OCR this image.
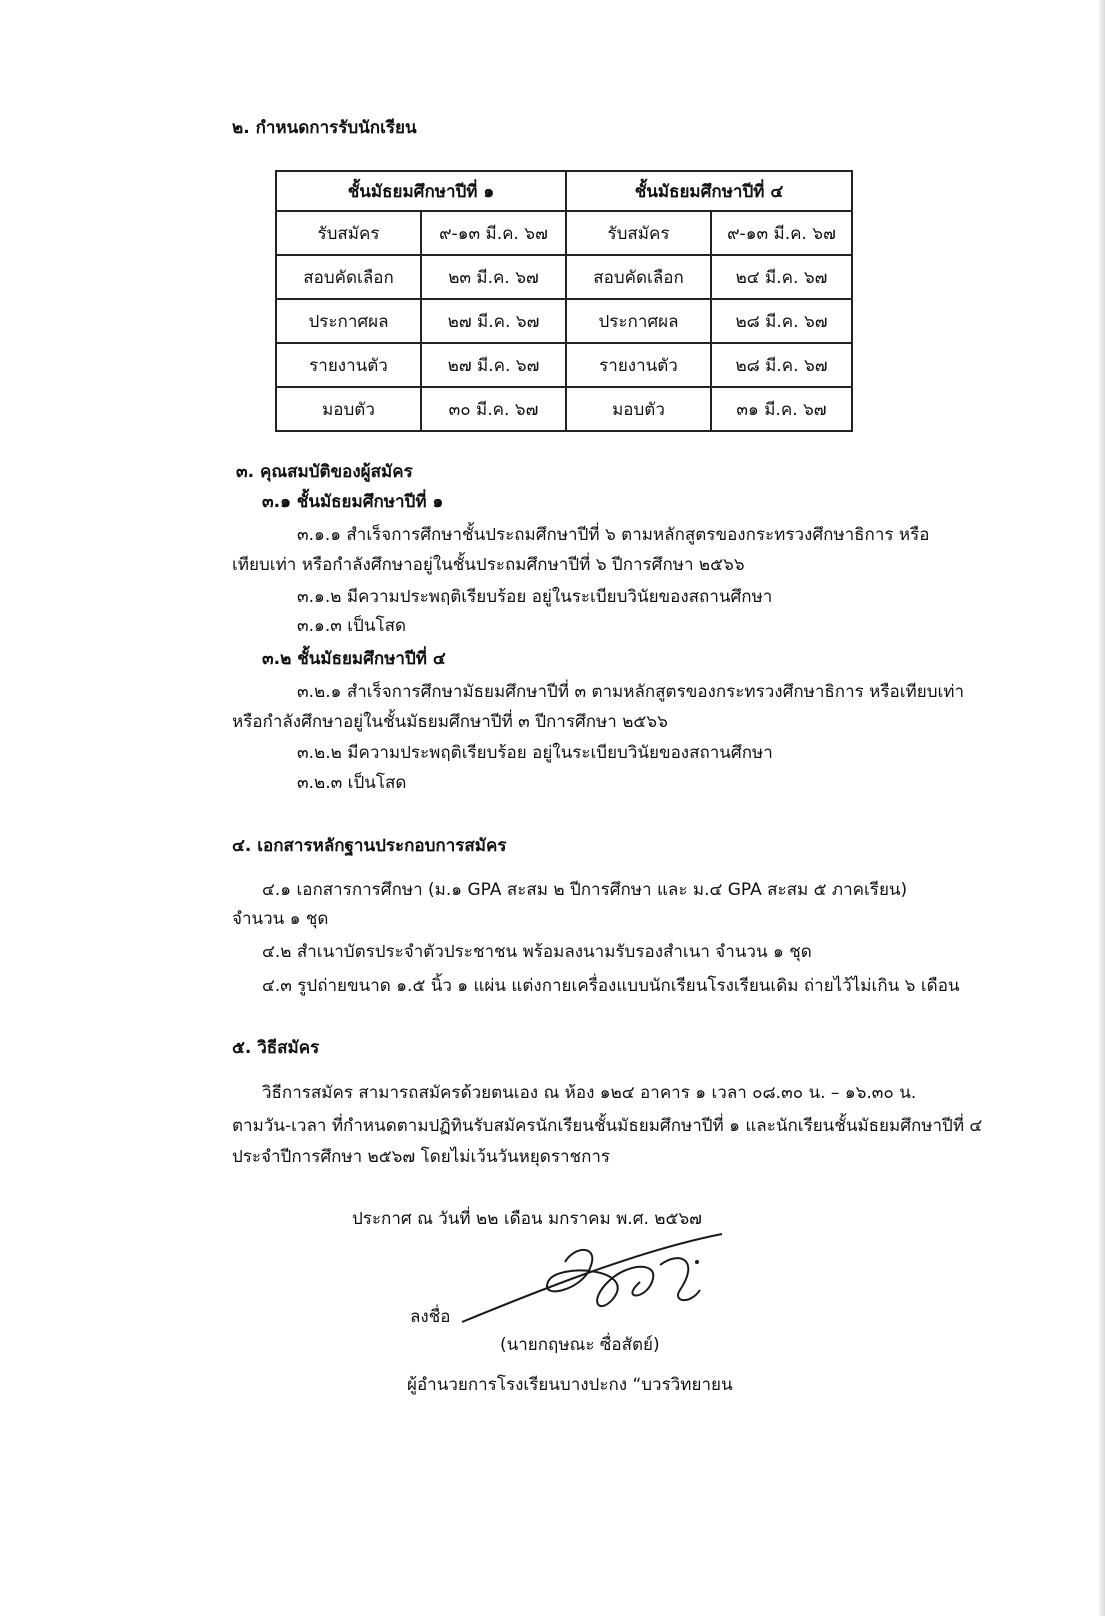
๒. กำหนดการรับนักเรียน
ชั้นมัธยมศึกษาปีที่ ๑		ชั้นมัธยมศึกษาปีที่ ๔	
รับสมัคร	๙-๑๓ มี.ค. ๖๗	รับสมัคร	๙-๑๓ มี.ค. ๖๗
สอบคัดเลือก	๒๓ มี.ค. ๖๗	สอบคัดเลือก	๒๔ มี.ค. ๖๗
ประกาศผล	๒๗ มี.ค. ๖๗	ประกาศผล	๒๘ มี.ค. ๖๗
รายงานตัว	๒๗ มี.ค. ๖๗	รายงานตัว	๒๘ มี.ค. ๖๗
มอบตัว	๓๐ มี.ค. ๖๗	มอบตัว	๓๑ มี.ค. ๖๗
๓. คุณสมบัติของผู้สมัคร
๓.๑ ชั้นมัธยมศึกษาปีที่ ๑
๓.๑.๑ สำเร็จการศึกษาชั้นประถมศึกษาปีที่ ๖ ตามหลักสูตรของกระทรวงศึกษาธิการ หรือ
เทียบเท่า หรือกำลังศึกษาอยู่ในชั้นประถมศึกษาปีที่ ๖ ปีการศึกษา ๒๕๖๖
๓.๑.๒ มีความประพฤติเรียบร้อย อยู่ในระเบียบวินัยของสถานศึกษา
๓.๑.๓ เป็นโสด
๓.๒ ชั้นมัธยมศึกษาปีที่ ๔
๓.๒.๑ สำเร็จการศึกษามัธยมศึกษาปีที่ ๓ ตามหลักสูตรของกระทรวงศึกษาธิการ หรือเทียบเท่า
หรือกำลังศึกษาอยู่ในชั้นมัธยมศึกษาปีที่ ๓ ปีการศึกษา ๒๕๖๖
๓.๒.๒ มีความประพฤติเรียบร้อย อยู่ในระเบียบวินัยของสถานศึกษา
๓.๒.๓ เป็นโสด
๔. เอกสารหลักฐานประกอบการสมัคร
๔.๑ เอกสารการศึกษา (ม.๑ GPA สะสม ๒ ปีการศึกษา และ ม.๔ GPA สะสม ๕ ภาคเรียน)
จำนวน ๑ ชุด
๔.๒ สำเนาบัตรประจำตัวประชาชน พร้อมลงนามรับรองสำเนา จำนวน ๑ ชุด
๔.๓ รูปถ่ายขนาด ๑.๕ นิ้ว ๑ แผ่น แต่งกายเครื่องแบบนักเรียนโรงเรียนเดิม ถ่ายไว้ไม่เกิน ๖ เดือน
๕. วิธีสมัคร
วิธีการสมัคร สามารถสมัครด้วยตนเอง ณ ห้อง ๑๒๔ อาคาร ๑ เวลา ๐๘.๓๐ น. – ๑๖.๓๐ น.
ตามวัน-เวลา ที่กำหนดตามปฏิทินรับสมัครนักเรียนชั้นมัธยมศึกษาปีที่ ๑ และนักเรียนชั้นมัธยมศึกษาปีที่ ๔
ประจำปีการศึกษา ๒๕๖๗ โดยไม่เว้นวันหยุดราชการ
ประกาศ ณ วันที่ ๒๒ เดือน มกราคม พ.ศ. ๒๕๖๗
ลงชื่อ
(นายกฤษณะ ซื่อสัตย์)
ผู้อำนวยการโรงเรียนบางปะกง “บวรวิทยายน
